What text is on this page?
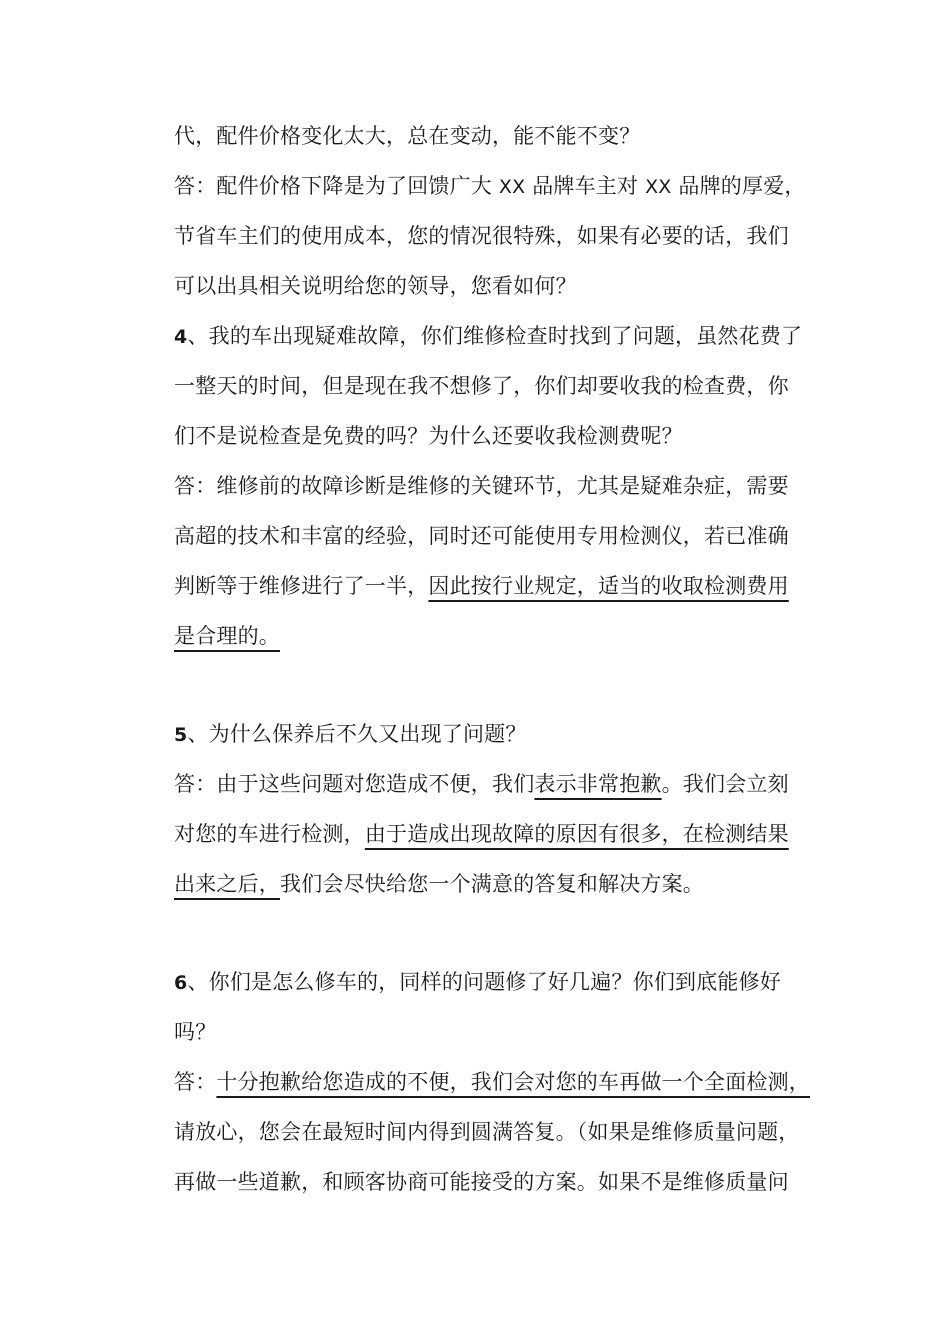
代，配件价格变化太大，总在变动，能不能不变？
答：配件价格下降是为了回馈广大 XX 品牌车主对 XX 品牌的厚爱，
节省车主们的使用成本，您的情况很特殊，如果有必要的话，我们
可以出具相关说明给您的领导，您看如何？
4、我的车出现疑难故障，你们维修检查时找到了问题，虽然花费了
一整天的时间，但是现在我不想修了，你们却要收我的检查费，你
们不是说检查是免费的吗？为什么还要收我检测费呢？
答：维修前的故障诊断是维修的关键环节，尤其是疑难杂症，需要
高超的技术和丰富的经验，同时还可能使用专用检测仪，若已准确
判断等于维修进行了一半，因此按行业规定，适当的收取检测费用
是合理的。
5、为什么保养后不久又出现了问题？
答：由于这些问题对您造成不便，我们表示非常抱歉。我们会立刻
对您的车进行检测，由于造成出现故障的原因有很多，在检测结果
出来之后，我们会尽快给您一个满意的答复和解决方案。
6、你们是怎么修车的，同样的问题修了好几遍？你们到底能修好
吗？
答：十分抱歉给您造成的不便，我们会对您的车再做一个全面检测，
请放心，您会在最短时间内得到圆满答复。（如果是维修质量问题，
再做一些道歉，和顾客协商可能接受的方案。如果不是维修质量问
